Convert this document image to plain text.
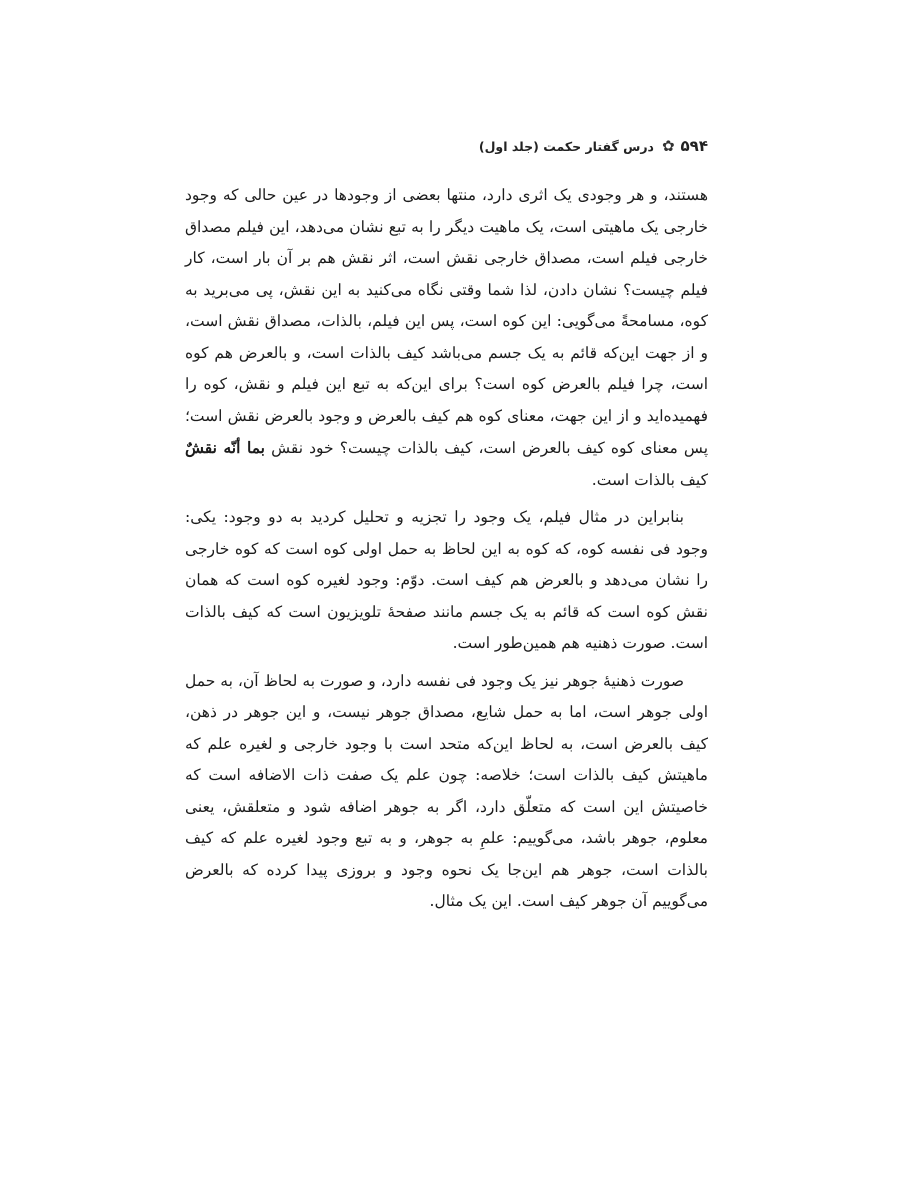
۵۹۴
✿
درس گفتار حکمت (جلد اول)

هستند، و هر وجودی یک اثری دارد، منتها بعضی از وجودها در عین حالی که وجود خارجی یک ماهیتی است، یک ماهیت دیگر را به تبع نشان می‌دهد، این فیلم مصداق خارجی فیلم است، مصداق خارجی نقش است، اثر نقش هم بر آن بار است، کار فیلم چیست؟ نشان دادن، لذا شما وقتی نگاه می‌کنید به این نقش، پی می‌برید به کوه، مسامحةً می‌گویی: این کوه است، پس این فیلم، بالذات، مصداق نقش است، و از جهت این‌که قائم به یک جسم می‌باشد کیف بالذات است، و بالعرض هم کوه است، چرا فیلم بالعرض کوه است؟ برای این‌که به تبع این فیلم و نقش، کوه را فهمیده‌اید و از این جهت، معنای کوه هم کیف بالعرض و وجود بالعرض نقش است؛ پس معنای کوه کیف بالعرض است، کیف بالذات چیست؟ خود نقش بما أنّه نقشٌ کیف بالذات است.

بنابراین در مثال فیلم، یک وجود را تجزیه و تحلیل کردید به دو وجود: یکی: وجود فی نفسه کوه، که کوه به این لحاظ به حمل اولی کوه است که کوه خارجی را نشان می‌دهد و بالعرض هم کیف است. دوّم: وجود لغیره کوه است که همان نقش کوه است که قائم به یک جسم مانند صفحهٔ تلویزیون است که کیف بالذات است. صورت ذهنیه هم همین‌طور است.

صورت ذهنیهٔ جوهر نیز یک وجود فی نفسه دارد، و صورت به لحاظ آن، به حمل اولی جوهر است، اما به حمل شایع، مصداق جوهر نیست، و این جوهر در ذهن، کیف بالعرض است، به لحاظ این‌که متحد است با وجود خارجی و لغیره علم که ماهیتش کیف بالذات است؛ خلاصه: چون علم یک صفت ذات الاضافه است که خاصیتش این است که متعلّق دارد، اگر به جوهر اضافه شود و متعلقش، یعنی معلوم، جوهر باشد، می‌گوییم: علمِ به جوهر، و به تبع وجود لغیره علم که کیف بالذات است، جوهر هم این‌جا یک نحوه وجود و بروزی پیدا کرده که بالعرض می‌گوییم آن جوهر کیف است. این یک مثال.
